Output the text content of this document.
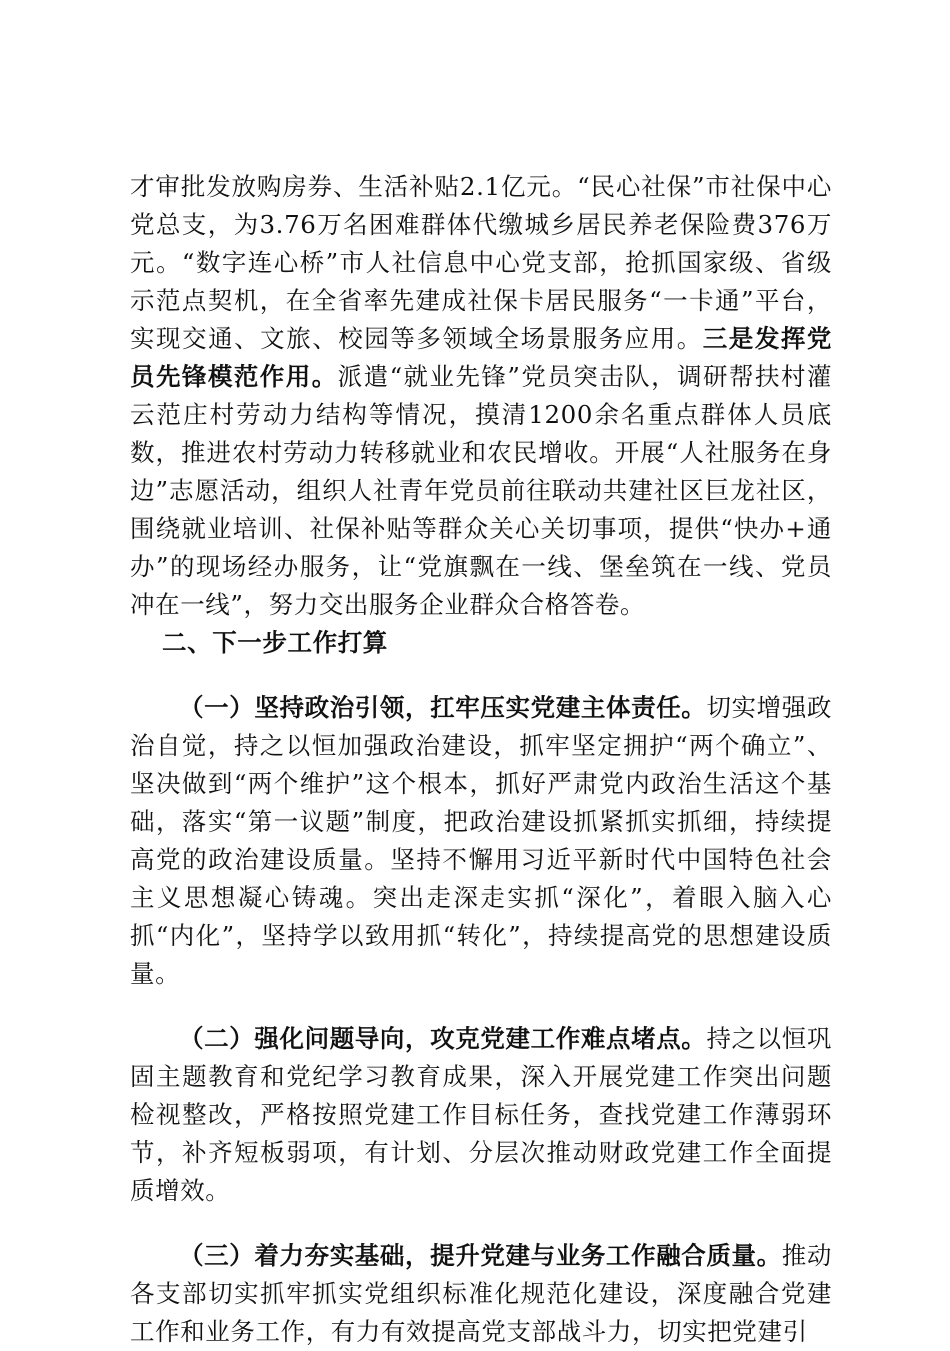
才审批发放购房券、生活补贴2.1亿元。“民心社保”市社保中心党总支，为3.76万名困难群体代缴城乡居民养老保险费376万元。“数字连心桥”市人社信息中心党支部，抢抓国家级、省级示范点契机，在全省率先建成社保卡居民服务“一卡通”平台，实现交通、文旅、校园等多领域全场景服务应用。三是发挥党员先锋模范作用。派遣“就业先锋”党员突击队，调研帮扶村灌云范庄村劳动力结构等情况，摸清1200余名重点群体人员底数，推进农村劳动力转移就业和农民增收。开展“人社服务在身边”志愿活动，组织人社青年党员前往联动共建社区巨龙社区，围绕就业培训、社保补贴等群众关心关切事项，提供“快办+通办”的现场经办服务，让“党旗飘在一线、堡垒筑在一线、党员冲在一线”，努力交出服务企业群众合格答卷。

二、下一步工作打算

（一）坚持政治引领，扛牢压实党建主体责任。切实增强政治自觉，持之以恒加强政治建设，抓牢坚定拥护“两个确立”、坚决做到“两个维护”这个根本，抓好严肃党内政治生活这个基础，落实“第一议题”制度，把政治建设抓紧抓实抓细，持续提高党的政治建设质量。坚持不懈用习近平新时代中国特色社会主义思想凝心铸魂。突出走深走实抓“深化”，着眼入脑入心抓“内化”，坚持学以致用抓“转化”，持续提高党的思想建设质量。

（二）强化问题导向，攻克党建工作难点堵点。持之以恒巩固主题教育和党纪学习教育成果，深入开展党建工作突出问题检视整改，严格按照党建工作目标任务，查找党建工作薄弱环节，补齐短板弱项，有计划、分层次推动财政党建工作全面提质增效。

（三）着力夯实基础，提升党建与业务工作融合质量。推动各支部切实抓牢抓实党组织标准化规范化建设，深度融合党建工作和业务工作，有力有效提高党支部战斗力，切实把党建引
